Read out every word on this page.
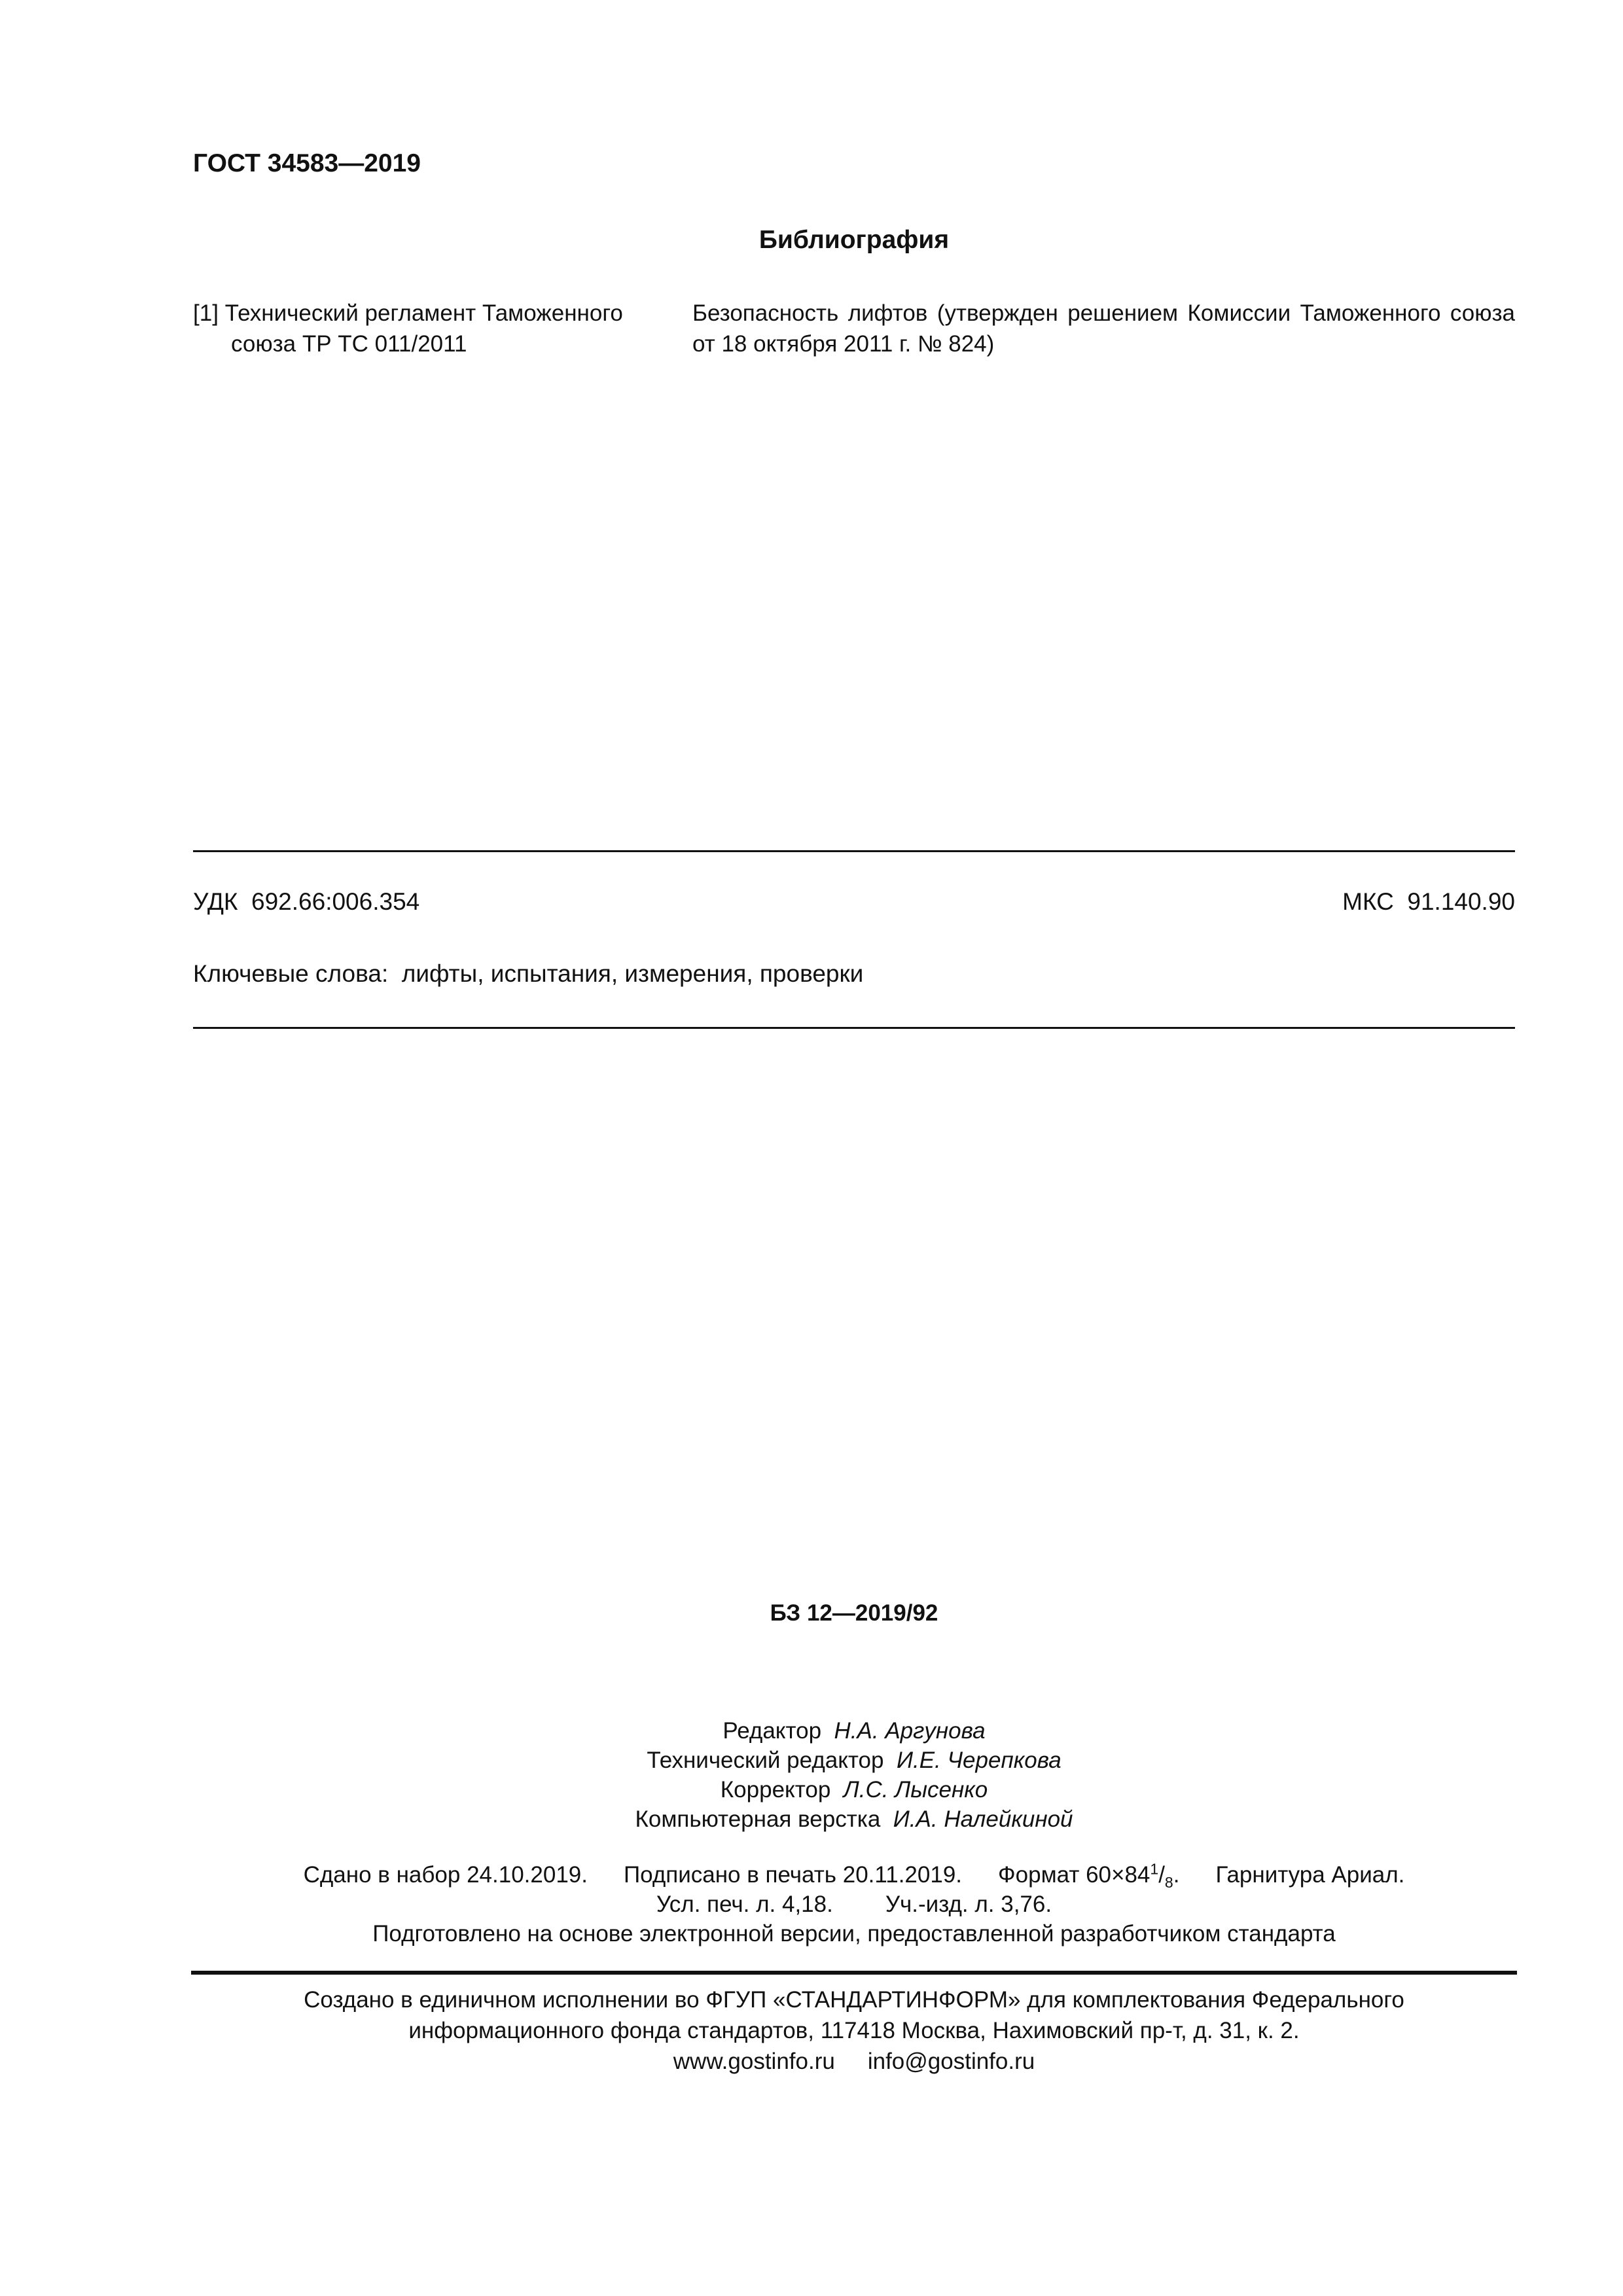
ГОСТ 34583—2019
Библиография
[1] Технический регламент Таможенного союза ТР ТС 011/2011
Безопасность лифтов (утвержден решением Комиссии Таможенного союза от 18 октября 2011 г. № 824)
УДК 692.66:006.354	МКС 91.140.90
Ключевые слова: лифты, испытания, измерения, проверки
БЗ 12—2019/92
Редактор Н.А. Аргунова
Технический редактор И.Е. Черепкова
Корректор Л.С. Лысенко
Компьютерная верстка И.А. Налейкиной
Сдано в набор 24.10.2019. Подписано в печать 20.11.2019. Формат $60\times 84^1/_8$. Гарнитура Ариал.
Усл. печ. л. 4,18. Уч.-изд. л. 3,76.
Подготовлено на основе электронной версии, предоставленной разработчиком стандарта
Создано в единичном исполнении во ФГУП «СТАНДАРТИНФОРМ» для комплектования Федерального
информационного фонда стандартов, 117418 Москва, Нахимовский пр-т, д. 31, к. 2.
www.gostinfo.ru info@gostinfo.ru
